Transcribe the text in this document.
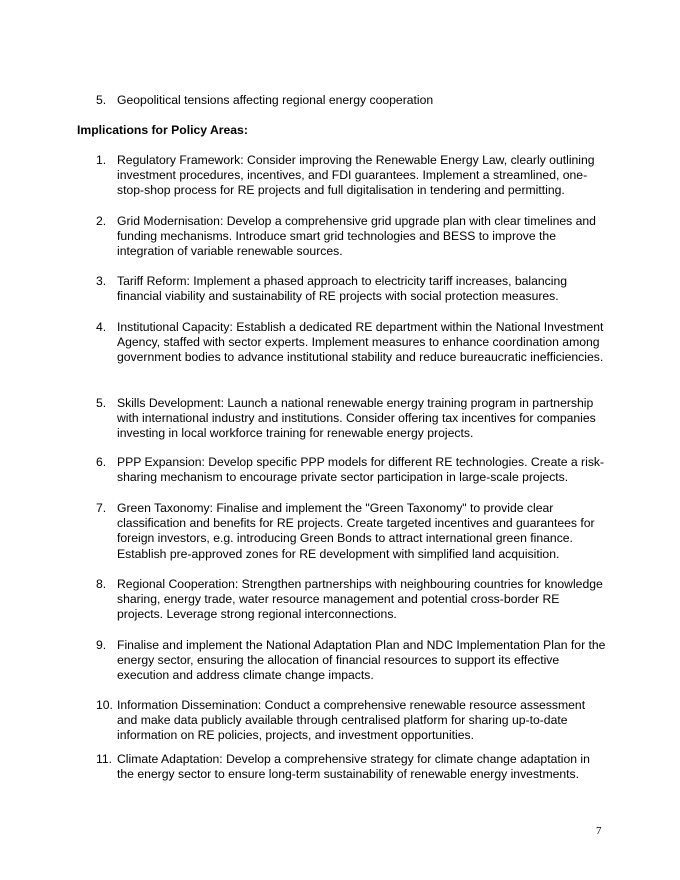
5. Geopolitical tensions affecting regional energy cooperation
Implications for Policy Areas:
1. Regulatory Framework: Consider improving the Renewable Energy Law, clearly outlining investment procedures, incentives, and FDI guarantees. Implement a streamlined, one-stop-shop process for RE projects and full digitalisation in tendering and permitting.
2. Grid Modernisation: Develop a comprehensive grid upgrade plan with clear timelines and funding mechanisms. Introduce smart grid technologies and BESS to improve the integration of variable renewable sources.
3. Tariff Reform: Implement a phased approach to electricity tariff increases, balancing financial viability and sustainability of RE projects with social protection measures.
4. Institutional Capacity: Establish a dedicated RE department within the National Investment Agency, staffed with sector experts. Implement measures to enhance coordination among government bodies to advance institutional stability and reduce bureaucratic inefficiencies.
5. Skills Development: Launch a national renewable energy training program in partnership with international industry and institutions. Consider offering tax incentives for companies investing in local workforce training for renewable energy projects.
6. PPP Expansion: Develop specific PPP models for different RE technologies. Create a risk-sharing mechanism to encourage private sector participation in large-scale projects.
7. Green Taxonomy: Finalise and implement the "Green Taxonomy" to provide clear classification and benefits for RE projects. Create targeted incentives and guarantees for foreign investors, e.g. introducing Green Bonds to attract international green finance. Establish pre-approved zones for RE development with simplified land acquisition.
8. Regional Cooperation: Strengthen partnerships with neighbouring countries for knowledge sharing, energy trade, water resource management and potential cross-border RE projects. Leverage strong regional interconnections.
9. Finalise and implement the National Adaptation Plan and NDC Implementation Plan for the energy sector, ensuring the allocation of financial resources to support its effective execution and address climate change impacts.
10. Information Dissemination: Conduct a comprehensive renewable resource assessment and make data publicly available through centralised platform for sharing up-to-date information on RE policies, projects, and investment opportunities.
11. Climate Adaptation: Develop a comprehensive strategy for climate change adaptation in the energy sector to ensure long-term sustainability of renewable energy investments.
7
